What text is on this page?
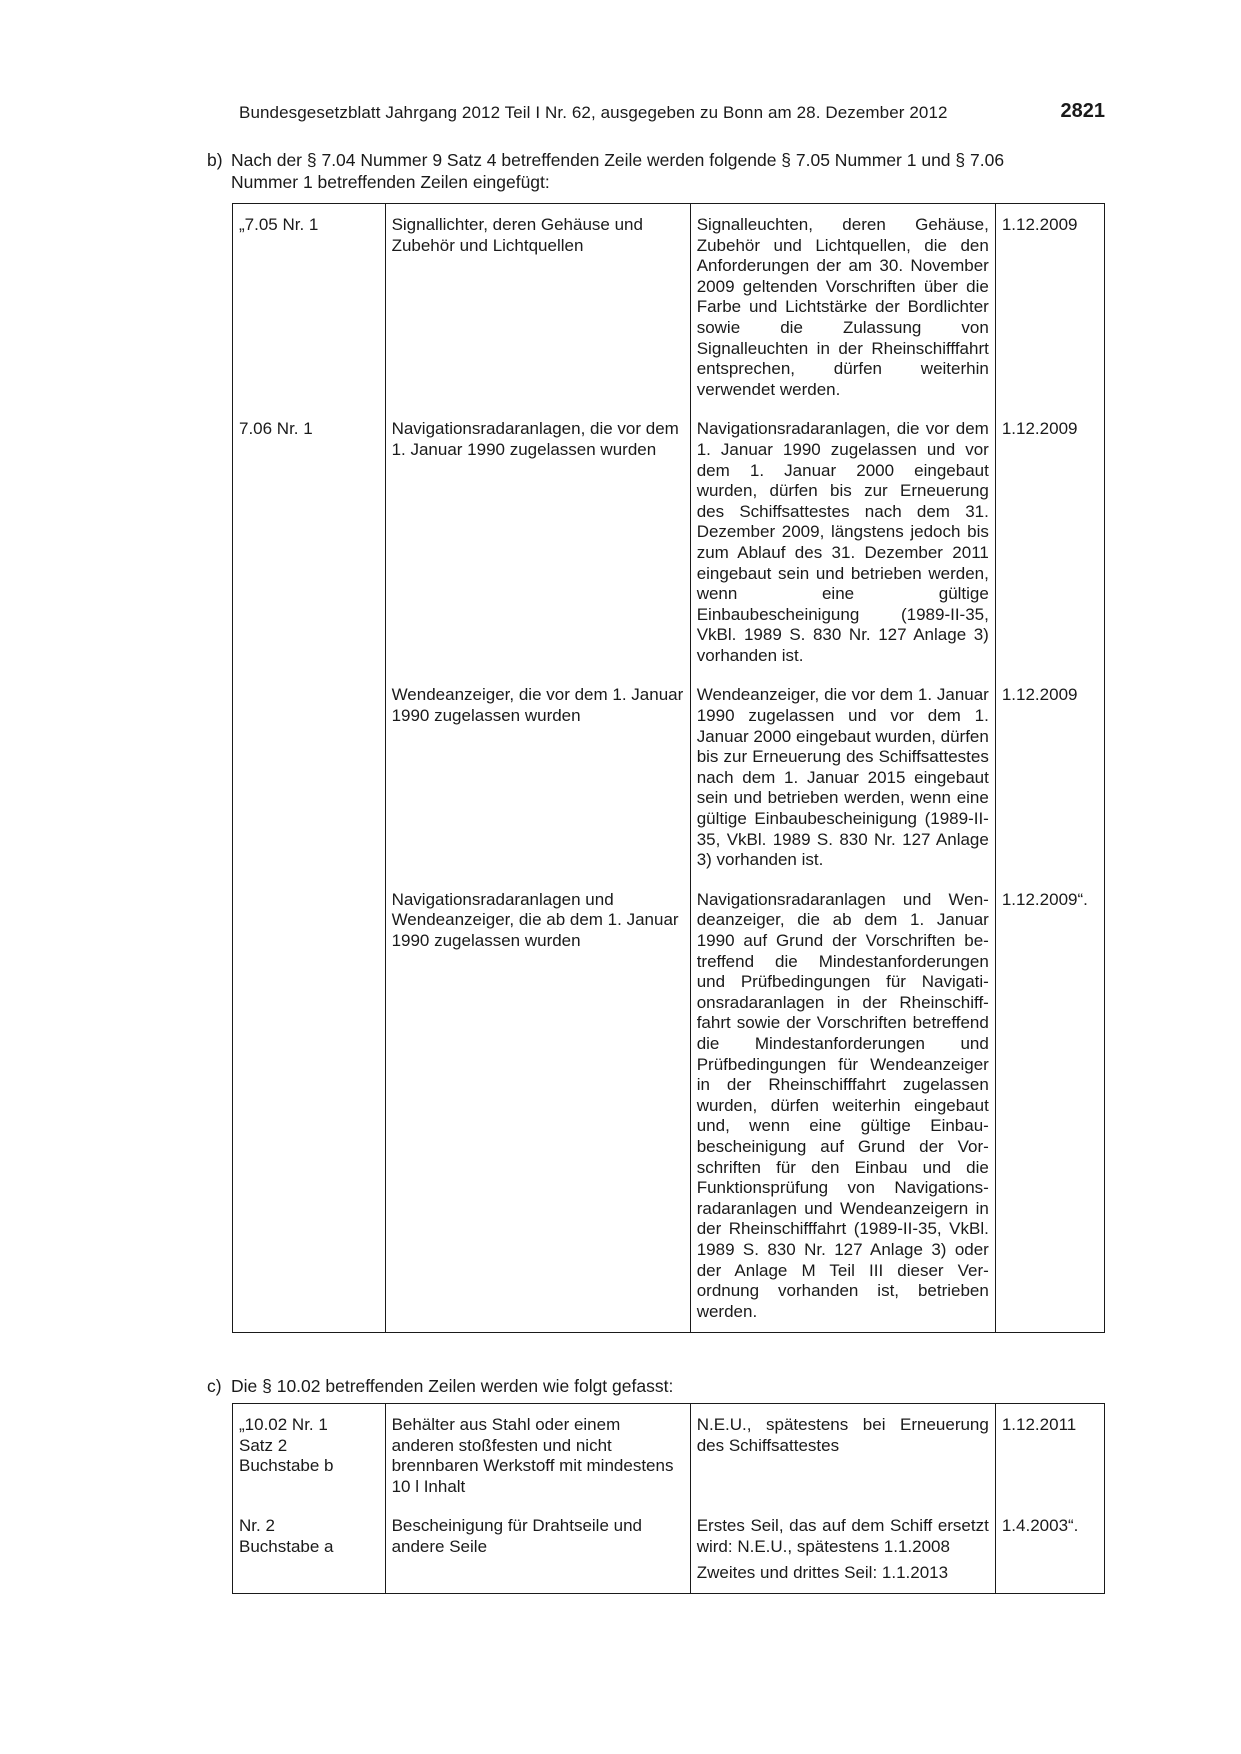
Bundesgesetzblatt Jahrgang 2012 Teil I Nr. 62, ausgegeben zu Bonn am 28. Dezember 2012	2821
b) Nach der § 7.04 Nummer 9 Satz 4 betreffenden Zeile werden folgende § 7.05 Nummer 1 und § 7.06
Nummer 1 betreffenden Zeilen eingefügt:
„7.05 Nr. 1	Signallichter, deren Gehäuse und Zubehör und Lichtquellen	Signalleuchten, deren Gehäuse, Zubehör und Lichtquellen, die den Anforderungen der am 30. November 2009 geltenden Vorschriften über die Farbe und Lichtstärke der Bordlichter sowie die Zulassung von Signalleuchten in der Rheinschifffahrt entsprechen, dürfen weiterhin verwendet werden.	1.12.2009
7.06 Nr. 1	Navigationsradaranlagen, die vor dem 1. Januar 1990 zugelassen wurden	Navigationsradaranlagen, die vor dem 1. Januar 1990 zugelassen und vor dem 1. Januar 2000 eingebaut wurden, dürfen bis zur Erneuerung des Schiffsattestes nach dem 31. Dezember 2009, längstens jedoch bis zum Ablauf des 31. Dezember 2011 eingebaut sein und betrieben werden, wenn eine gültige Einbaubescheinigung (1989-II-35, VkBl. 1989 S. 830 Nr. 127 Anlage 3) vorhanden ist.	1.12.2009
	Wendeanzeiger, die vor dem 1. Januar 1990 zugelassen wurden	Wendeanzeiger, die vor dem 1. Januar 1990 zugelassen und vor dem 1. Januar 2000 eingebaut wurden, dürfen bis zur Erneuerung des Schiffsattestes nach dem 1. Januar 2015 eingebaut sein und betrieben werden, wenn eine gültige Einbaubescheinigung (1989-II-35, VkBl. 1989 S. 830 Nr. 127 Anlage 3) vorhanden ist.	1.12.2009
	Navigationsradaranlagen und Wendeanzeiger, die ab dem 1. Januar 1990 zugelassen wurden	Navigationsradaranlagen und Wendeanzeiger, die ab dem 1. Januar 1990 auf Grund der Vorschriften betreffend die Mindestanforderungen und Prüfbedingungen für Navigationsradaranlagen in der Rheinschifffahrt sowie der Vorschriften betreffend die Mindestanforderungen und Prüfbedingungen für Wendeanzeiger in der Rheinschifffahrt zugelassen wurden, dürfen weiterhin eingebaut und, wenn eine gültige Einbaubescheinigung auf Grund der Vorschriften für den Einbau und die Funktionsprüfung von Navigationsradaranlagen und Wendeanzeigern in der Rheinschifffahrt (1989-II-35, VkBl. 1989 S. 830 Nr. 127 Anlage 3) oder der Anlage M Teil III dieser Verordnung vorhanden ist, betrieben werden.	1.12.2009“.
c) Die § 10.02 betreffenden Zeilen werden wie folgt gefasst:
„10.02 Nr. 1
Satz 2
Buchstabe b	Behälter aus Stahl oder einem anderen stoßfesten und nicht brennbaren Werkstoff mit mindestens 10 l Inhalt	N.E.U., spätestens bei Erneuerung des Schiffsattestes	1.12.2011

Nr. 2
Buchstabe a	Bescheinigung für Drahtseile und andere Seile	Erstes Seil, das auf dem Schiff ersetzt wird: N.E.U., spätestens 1.1.2008
Zweites und drittes Seil: 1.1.2013	1.4.2003“.
